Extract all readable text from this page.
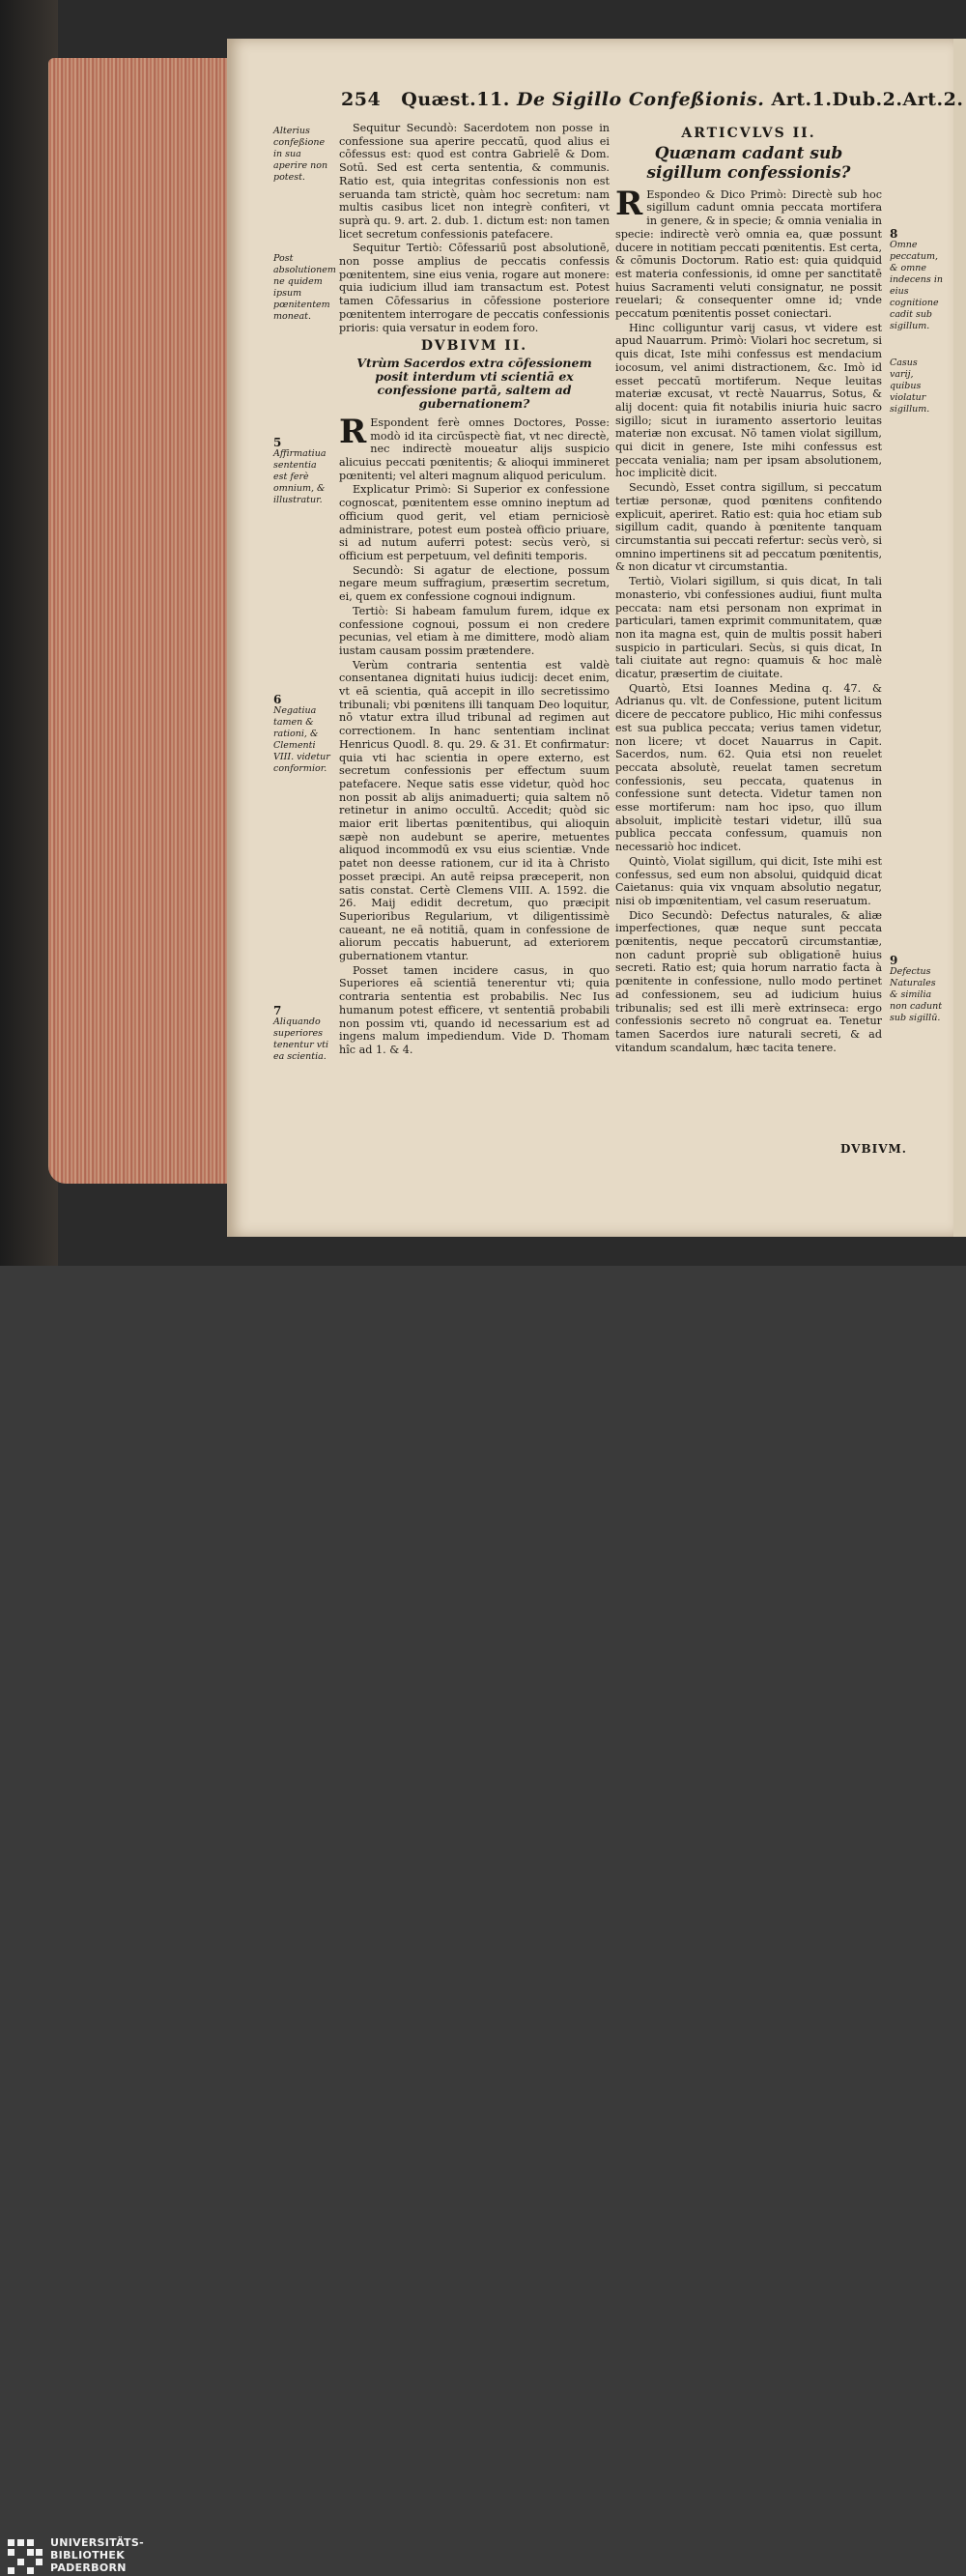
254 Quæst.11. De Sigillo Confeßionis. Art.1.Dub.2.Art.2.
Alterius confeßione in sua aperire non potest.
Post absolutionem ne quidem ipsum pœnitentem moneat.
5
Affirmatiua sententia est ferè omnium, & illustratur.
6
Negatiua tamen & rationi, & Clementi VIII. videtur conformior.
7
Aliquando superiores tenentur vti ea scientia.

Sequitur Secundò: Sacerdotem non posse in confessione sua aperire peccatū, quod alius ei cōfessus est: quod est contra Gabrielē & Dom. Sotū. Sed est certa sententia, & communis. Ratio est, quia integritas confessionis non est seruanda tam strictè, quàm hoc secretum: nam multis casibus licet non integrè confiteri, vt suprà qu. 9. art. 2. dub. 1. dictum est: non tamen licet secretum confessionis patefacere.

Sequitur Tertiò: Cōfessariū post absolutionē, non posse amplius de peccatis confessis pœnitentem, sine eius venia, rogare aut monere: quia iudicium illud iam transactum est. Potest tamen Cōfessarius in cōfessione posteriore pœnitentem interrogare de peccatis confessionis prioris: quia versatur in eodem foro.

DVBIVM II.
Vtrùm Sacerdos extra cōfessionem posit interdum vti scientiā ex confessione partā, saltem ad gubernationem?

R Espondent ferè omnes Doctores, Posse: modò id ita circūspectè fiat, vt nec directè, nec indirectè moueatur alijs suspicio alicuius peccati pœnitentis; & alioqui immineret pœnitenti; vel alteri magnum aliquod periculum.

Explicatur Primò: Si Superior ex confessione cognoscat, pœnitentem esse omnino ineptum ad officium quod gerit, vel etiam perniciosè administrare, potest eum posteà officio priuare, si ad nutum auferri potest: secùs verò, si officium est perpetuum, vel definiti temporis.

Secundò: Si agatur de electione, possum negare meum suffragium, præsertim secretum, ei, quem ex confessione cognoui indignum.

Tertiò: Si habeam famulum furem, idque ex confessione cognoui, possum ei non credere pecunias, vel etiam à me dimittere, modò aliam iustam causam possim prætendere.

Verùm contraria sententia est valdè consentanea dignitati huius iudicij: decet enim, vt eā scientia, quā accepit in illo secretissimo tribunali; vbi pœnitens illi tanquam Deo loquitur, nō vtatur extra illud tribunal ad regimen aut correctionem. In hanc sententiam inclinat Henricus Quodl. 8. qu. 29. & 31. Et confirmatur: quia vti hac scientia in opere externo, est secretum confessionis per effectum suum patefacere. Neque satis esse videtur, quòd hoc non possit ab alijs animaduerti; quia saltem nō retinetur in animo occultū. Accedit; quòd sic maior erit libertas pœnitentibus, qui alioquin sæpè non audebunt se aperire, metuentes aliquod incommodū ex vsu eius scientiæ. Vnde patet non deesse rationem, cur id ita à Christo posset præcipi. An autē reipsa præceperit, non satis constat. Certè Clemens VIII. A. 1592. die 26. Maij edidit decretum, quo præcipit Superioribus Regularium, vt diligentissimè caueant, ne eā notitiā, quam in confessione de aliorum peccatis habuerunt, ad exteriorem gubernationem vtantur.

Posset tamen incidere casus, in quo Superiores eā scientiā tenerentur vti; quia contraria sententia est probabilis. Nec Ius humanum potest efficere, vt sententiā probabili non possim vti, quando id necessarium est ad ingens malum impediendum. Vide D. Thomam hîc ad 1. & 4.

ARTICVLVS II.
Quænam cadant sub sigillum confessionis?

R Espondeo & Dico Primò: Directè sub hoc sigillum cadunt omnia peccata mortifera in genere, & in specie; & omnia venialia in specie: indirectè verò omnia ea, quæ possunt ducere in notitiam peccati pœnitentis. Est certa, & cōmunis Doctorum. Ratio est: quia quidquid est materia confessionis, id omne per sanctitatē huius Sacramenti veluti consignatur, ne possit reuelari; & consequenter omne id; vnde peccatum pœnitentis posset coniectari.

Hinc colliguntur varij casus, vt videre est apud Nauarrum. Primò: Violari hoc secretum, si quis dicat, Iste mihi confessus est mendacium iocosum, vel animi distractionem, &c. Imò id esset peccatū mortiferum. Neque leuitas materiæ excusat, vt rectè Nauarrus, Sotus, & alij docent: quia fit notabilis iniuria huic sacro sigillo; sicut in iuramento assertorio leuitas materiæ non excusat. Nō tamen violat sigillum, qui dicit in genere, Iste mihi confessus est peccata venialia; nam per ipsam absolutionem, hoc implicitè dicit.

Secundò, Esset contra sigillum, si peccatum tertiæ personæ, quod pœnitens confitendo explicuit, aperiret. Ratio est: quia hoc etiam sub sigillum cadit, quando à pœnitente tanquam circumstantia sui peccati refertur: secùs verò, si omnino impertinens sit ad peccatum pœnitentis, & non dicatur vt circumstantia.

Tertiò, Violari sigillum, si quis dicat, In tali monasterio, vbi confessiones audiui, fiunt multa peccata: nam etsi personam non exprimat in particulari, tamen exprimit communitatem, quæ non ita magna est, quin de multis possit haberi suspicio in particulari. Secùs, si quis dicat, In tali ciuitate aut regno: quamuis & hoc malè dicatur, præsertim de ciuitate.

Quartò, Etsi Ioannes Medina q. 47. & Adrianus qu. vlt. de Confessione, putent licitum dicere de peccatore publico, Hic mihi confessus est sua publica peccata; verius tamen videtur, non licere; vt docet Nauarrus in Capit. Sacerdos, num. 62. Quia etsi non reuelet peccata absolutè, reuelat tamen secretum confessionis, seu peccata, quatenus in confessione sunt detecta. Videtur tamen non esse mortiferum: nam hoc ipso, quo illum absoluit, implicitè testari videtur, illū sua publica peccata confessum, quamuis non necessariò hoc indicet.

Quintò, Violat sigillum, qui dicit, Iste mihi est confessus, sed eum non absolui, quidquid dicat Caietanus: quia vix vnquam absolutio negatur, nisi ob impœnitentiam, vel casum reseruatum.

Dico Secundò: Defectus naturales, & aliæ imperfectiones, quæ neque sunt peccata pœnitentis, neque peccatorū circumstantiæ, non cadunt propriè sub obligationē huius secreti. Ratio est; quia horum narratio facta à pœnitente in confessione, nullo modo pertinet ad confessionem, seu ad iudicium huius tribunalis; sed est illi merè extrinseca: ergo confessionis secreto nō congruat ea. Tenetur tamen Sacerdos iure naturali secreti, & ad vitandum scandalum, hæc tacita tenere.

8
Omne peccatum, & omne indecens in eius cognitione cadit sub sigillum.
Casus varij, quibus violatur sigillum.
9
Defectus Naturales & similia non cadunt sub sigillū.
DVBIVM.
UNIVERSITÄTS-
BIBLIOTHEK
PADERBORN
